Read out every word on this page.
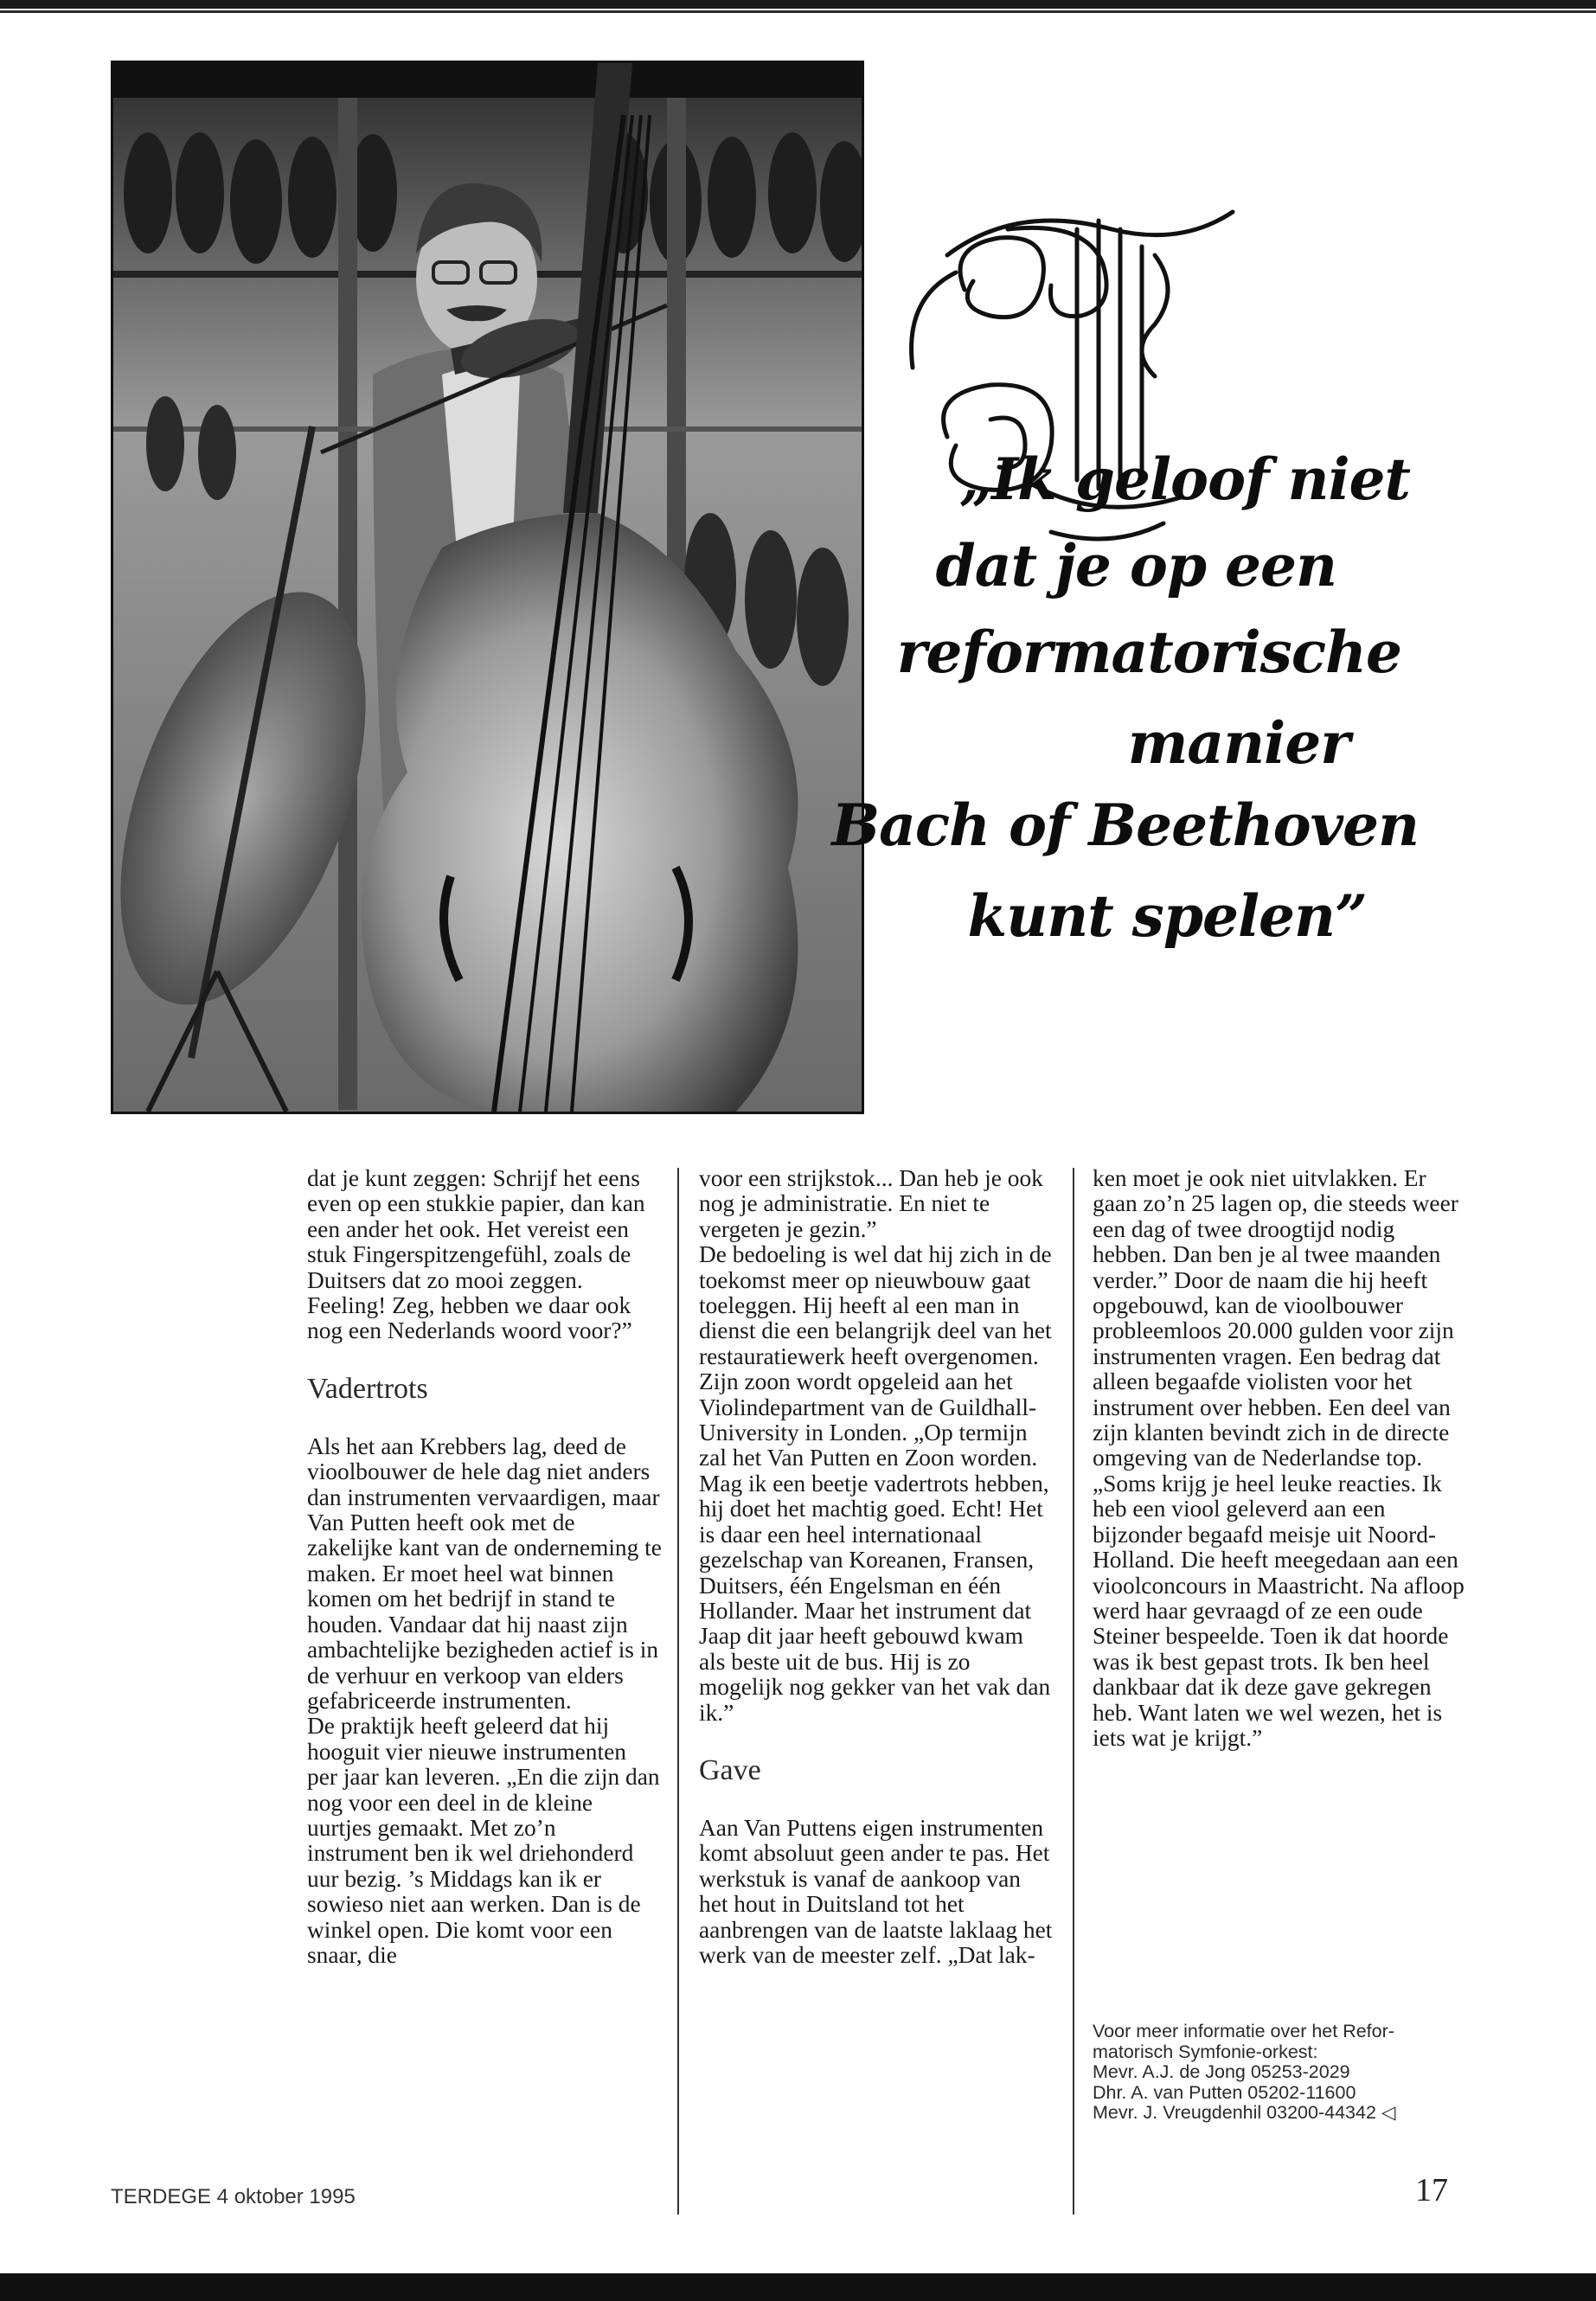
„Ik geloof niet
dat je op een
reformatorische
manier
Bach of Beethoven
kunt spelen”

dat je kunt zeggen: Schrijf het eens even op een stukkie papier, dan kan een ander het ook. Het vereist een stuk Fingerspitzengefühl, zoals de Duitsers dat zo mooi zeggen. Feeling! Zeg, hebben we daar ook nog een Nederlands woord voor?”

Vadertrots

Als het aan Krebbers lag, deed de vioolbouwer de hele dag niet anders dan instrumenten vervaardigen, maar Van Putten heeft ook met de zakelijke kant van de onderneming te maken. Er moet heel wat binnen komen om het bedrijf in stand te houden. Vandaar dat hij naast zijn ambachtelijke bezigheden actief is in de verhuur en verkoop van elders gefabriceerde instrumenten.

De praktijk heeft geleerd dat hij hooguit vier nieuwe instrumenten per jaar kan leveren. „En die zijn dan nog voor een deel in de kleine uurtjes gemaakt. Met zo’n instrument ben ik wel driehonderd uur bezig. ’s Middags kan ik er sowieso niet aan werken. Dan is de winkel open. Die komt voor een snaar, die

voor een strijkstok... Dan heb je ook nog je administratie. En niet te vergeten je gezin.”

De bedoeling is wel dat hij zich in de toekomst meer op nieuwbouw gaat toeleggen. Hij heeft al een man in dienst die een belangrijk deel van het restauratiewerk heeft overgenomen. Zijn zoon wordt opgeleid aan het Violindepartment van de Guildhall-University in Londen. „Op termijn zal het Van Putten en Zoon worden. Mag ik een beetje vadertrots hebben, hij doet het machtig goed. Echt! Het is daar een heel internationaal gezelschap van Koreanen, Fransen, Duitsers, één Engelsman en één Hollander. Maar het instrument dat Jaap dit jaar heeft gebouwd kwam als beste uit de bus. Hij is zo mogelijk nog gekker van het vak dan ik.”

Gave

Aan Van Puttens eigen instrumenten komt absoluut geen ander te pas. Het werkstuk is vanaf de aankoop van het hout in Duitsland tot het aanbrengen van de laatste laklaag het werk van de meester zelf. „Dat lak-

ken moet je ook niet uitvlakken. Er gaan zo’n 25 lagen op, die steeds weer een dag of twee droogtijd nodig hebben. Dan ben je al twee maanden verder.” Door de naam die hij heeft opgebouwd, kan de vioolbouwer probleemloos 20.000 gulden voor zijn instrumenten vragen. Een bedrag dat alleen begaafde violisten voor het instrument over hebben. Een deel van zijn klanten bevindt zich in de directe omgeving van de Nederlandse top.

„Soms krijg je heel leuke reacties. Ik heb een viool geleverd aan een bijzonder begaafd meisje uit Noord-Holland. Die heeft meegedaan aan een vioolconcours in Maastricht. Na afloop werd haar gevraagd of ze een oude Steiner bespeelde. Toen ik dat hoorde was ik best gepast trots. Ik ben heel dankbaar dat ik deze gave gekregen heb. Want laten we wel wezen, het is iets wat je krijgt.”

Voor meer informatie over het Refor-
matorisch Symfonie-orkest:
Mevr. A.J. de Jong 05253-2029
Dhr. A. van Putten 05202-11600
Mevr. J. Vreugdenhil 03200-44342 ◁
TERDEGE 4 oktober 1995	17
